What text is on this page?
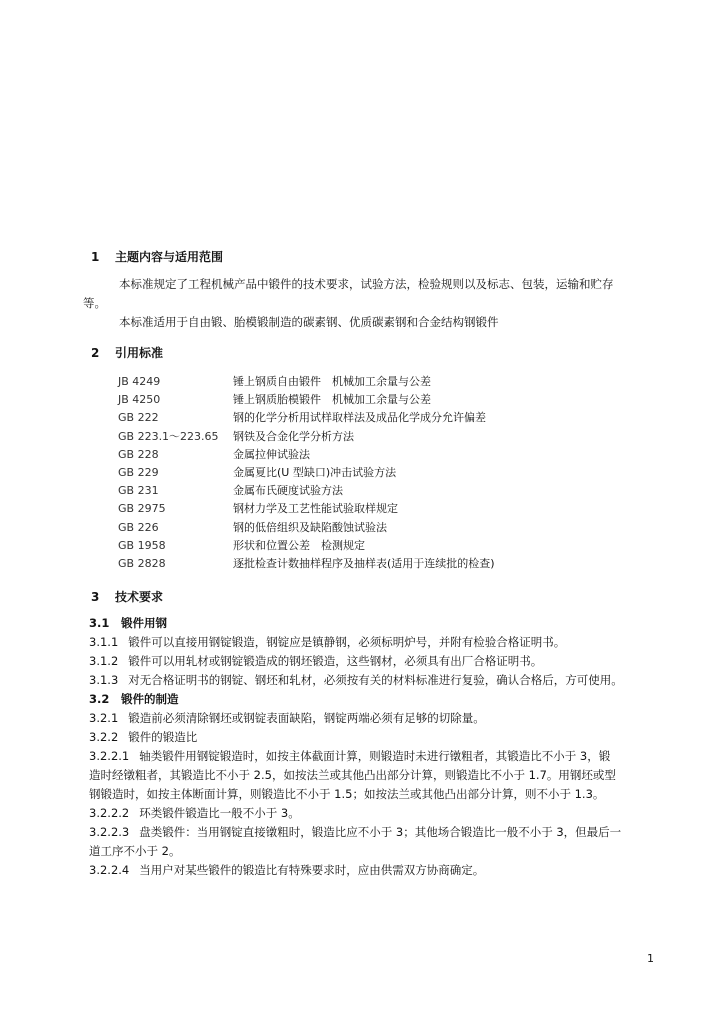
1 主题内容与适用范围
本标准规定了工程机械产品中锻件的技术要求，试验方法，检验规则以及标志、包装，运输和贮存
等。
本标准适用于自由锻、胎模锻制造的碳素钢、优质碳素钢和合金结构钢锻件
2 引用标准
JB 4249	锤上钢质自由锻件　机械加工余量与公差
JB 4250	锤上钢质胎模锻件　机械加工余量与公差
GB 222	钢的化学分析用试样取样法及成品化学成分允许偏差
GB 223.1～223.65 钢铁及合金化学分析方法
GB 228	金属拉伸试验法
GB 229	金属夏比(U 型缺口)冲击试验方法
GB 231	金属布氏硬度试验方法
GB 2975	钢材力学及工艺性能试验取样规定
GB 226	钢的低倍组织及缺陷酸蚀试验法
GB 1958	形状和位置公差　检测规定
GB 2828	逐批检查计数抽样程序及抽样表(适用于连续批的检查)
3 技术要求
3.1 锻件用钢
3.1.1 锻件可以直接用钢锭锻造，钢锭应是镇静钢，必须标明炉号，并附有检验合格证明书。
3.1.2 锻件可以用轧材或钢锭锻造成的钢坯锻造，这些钢材，必须具有出厂合格证明书。
3.1.3 对无合格证明书的钢锭、钢坯和轧材，必须按有关的材料标准进行复验，确认合格后，方可使用。
3.2 锻件的制造
3.2.1 锻造前必须清除钢坯或钢锭表面缺陷，钢锭两端必须有足够的切除量。
3.2.2 锻件的锻造比
3.2.2.1 轴类锻件用钢锭锻造时，如按主体截面计算，则锻造时未进行镦粗者，其锻造比不小于 3，锻
造时经镦粗者，其锻造比不小于 2.5，如按法兰或其他凸出部分计算，则锻造比不小于 1.7。用钢坯或型
钢锻造时，如按主体断面计算，则锻造比不小于 1.5；如按法兰或其他凸出部分计算，则不小于 1.3。
3.2.2.2 环类锻件锻造比一般不小于 3。
3.2.2.3 盘类锻件：当用钢锭直接镦粗时，锻造比应不小于 3；其他场合锻造比一般不小于 3，但最后一
道工序不小于 2。
3.2.2.4 当用户对某些锻件的锻造比有特殊要求时，应由供需双方协商确定。
1
